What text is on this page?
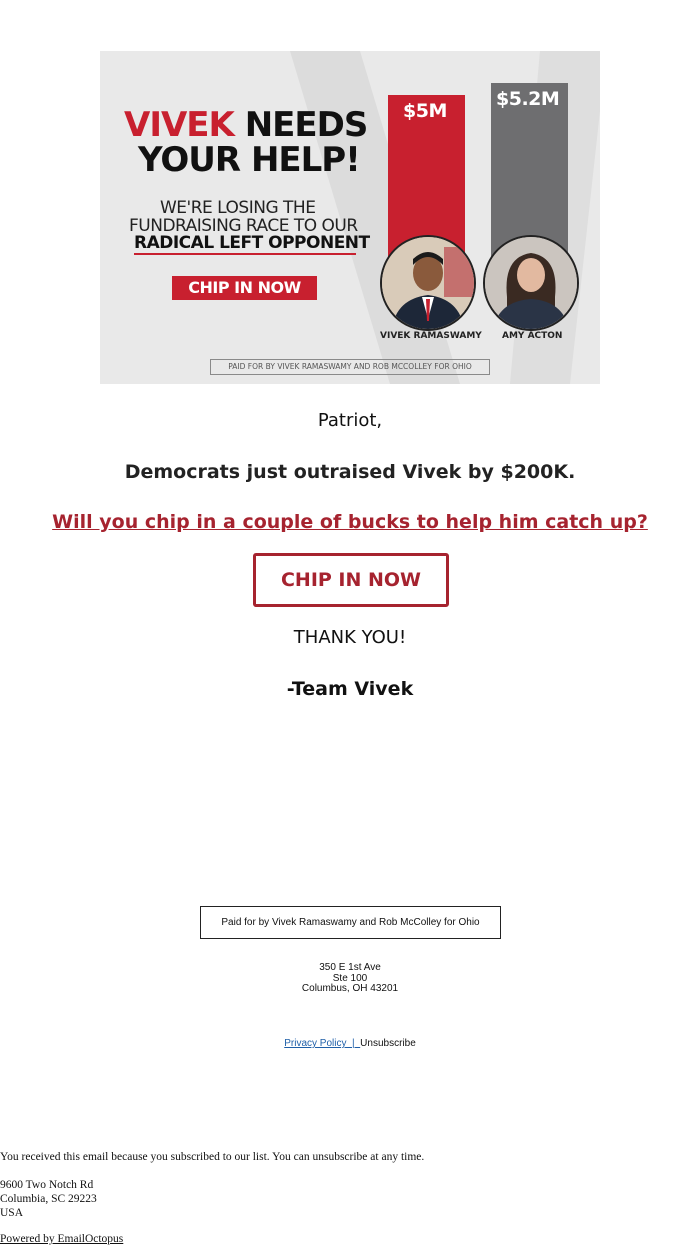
VIVEK NEEDS
YOUR HELP!
WE'RE LOSING THE
FUNDRAISING RACE TO OUR
RADICAL LEFT OPPONENT
CHIP IN NOW
$5M
$5.2M
VIVEK RAMASWAMY AMY ACTON
PAID FOR BY VIVEK RAMASWAMY AND ROB MCCOLLEY FOR OHIO
Patriot,
Democrats just outraised Vivek by $200K.
Will you chip in a couple of bucks to help him catch up?
CHIP IN NOW
THANK YOU!
-Team Vivek
Paid for by Vivek Ramaswamy and Rob McColley for Ohio
350 E 1st Ave
Ste 100
Columbus, OH 43201
Privacy Policy  |  Unsubscribe
You received this email because you subscribed to our list. You can unsubscribe at any time.
9600 Two Notch Rd
Columbia, SC 29223
USA
Powered by EmailOctopus
